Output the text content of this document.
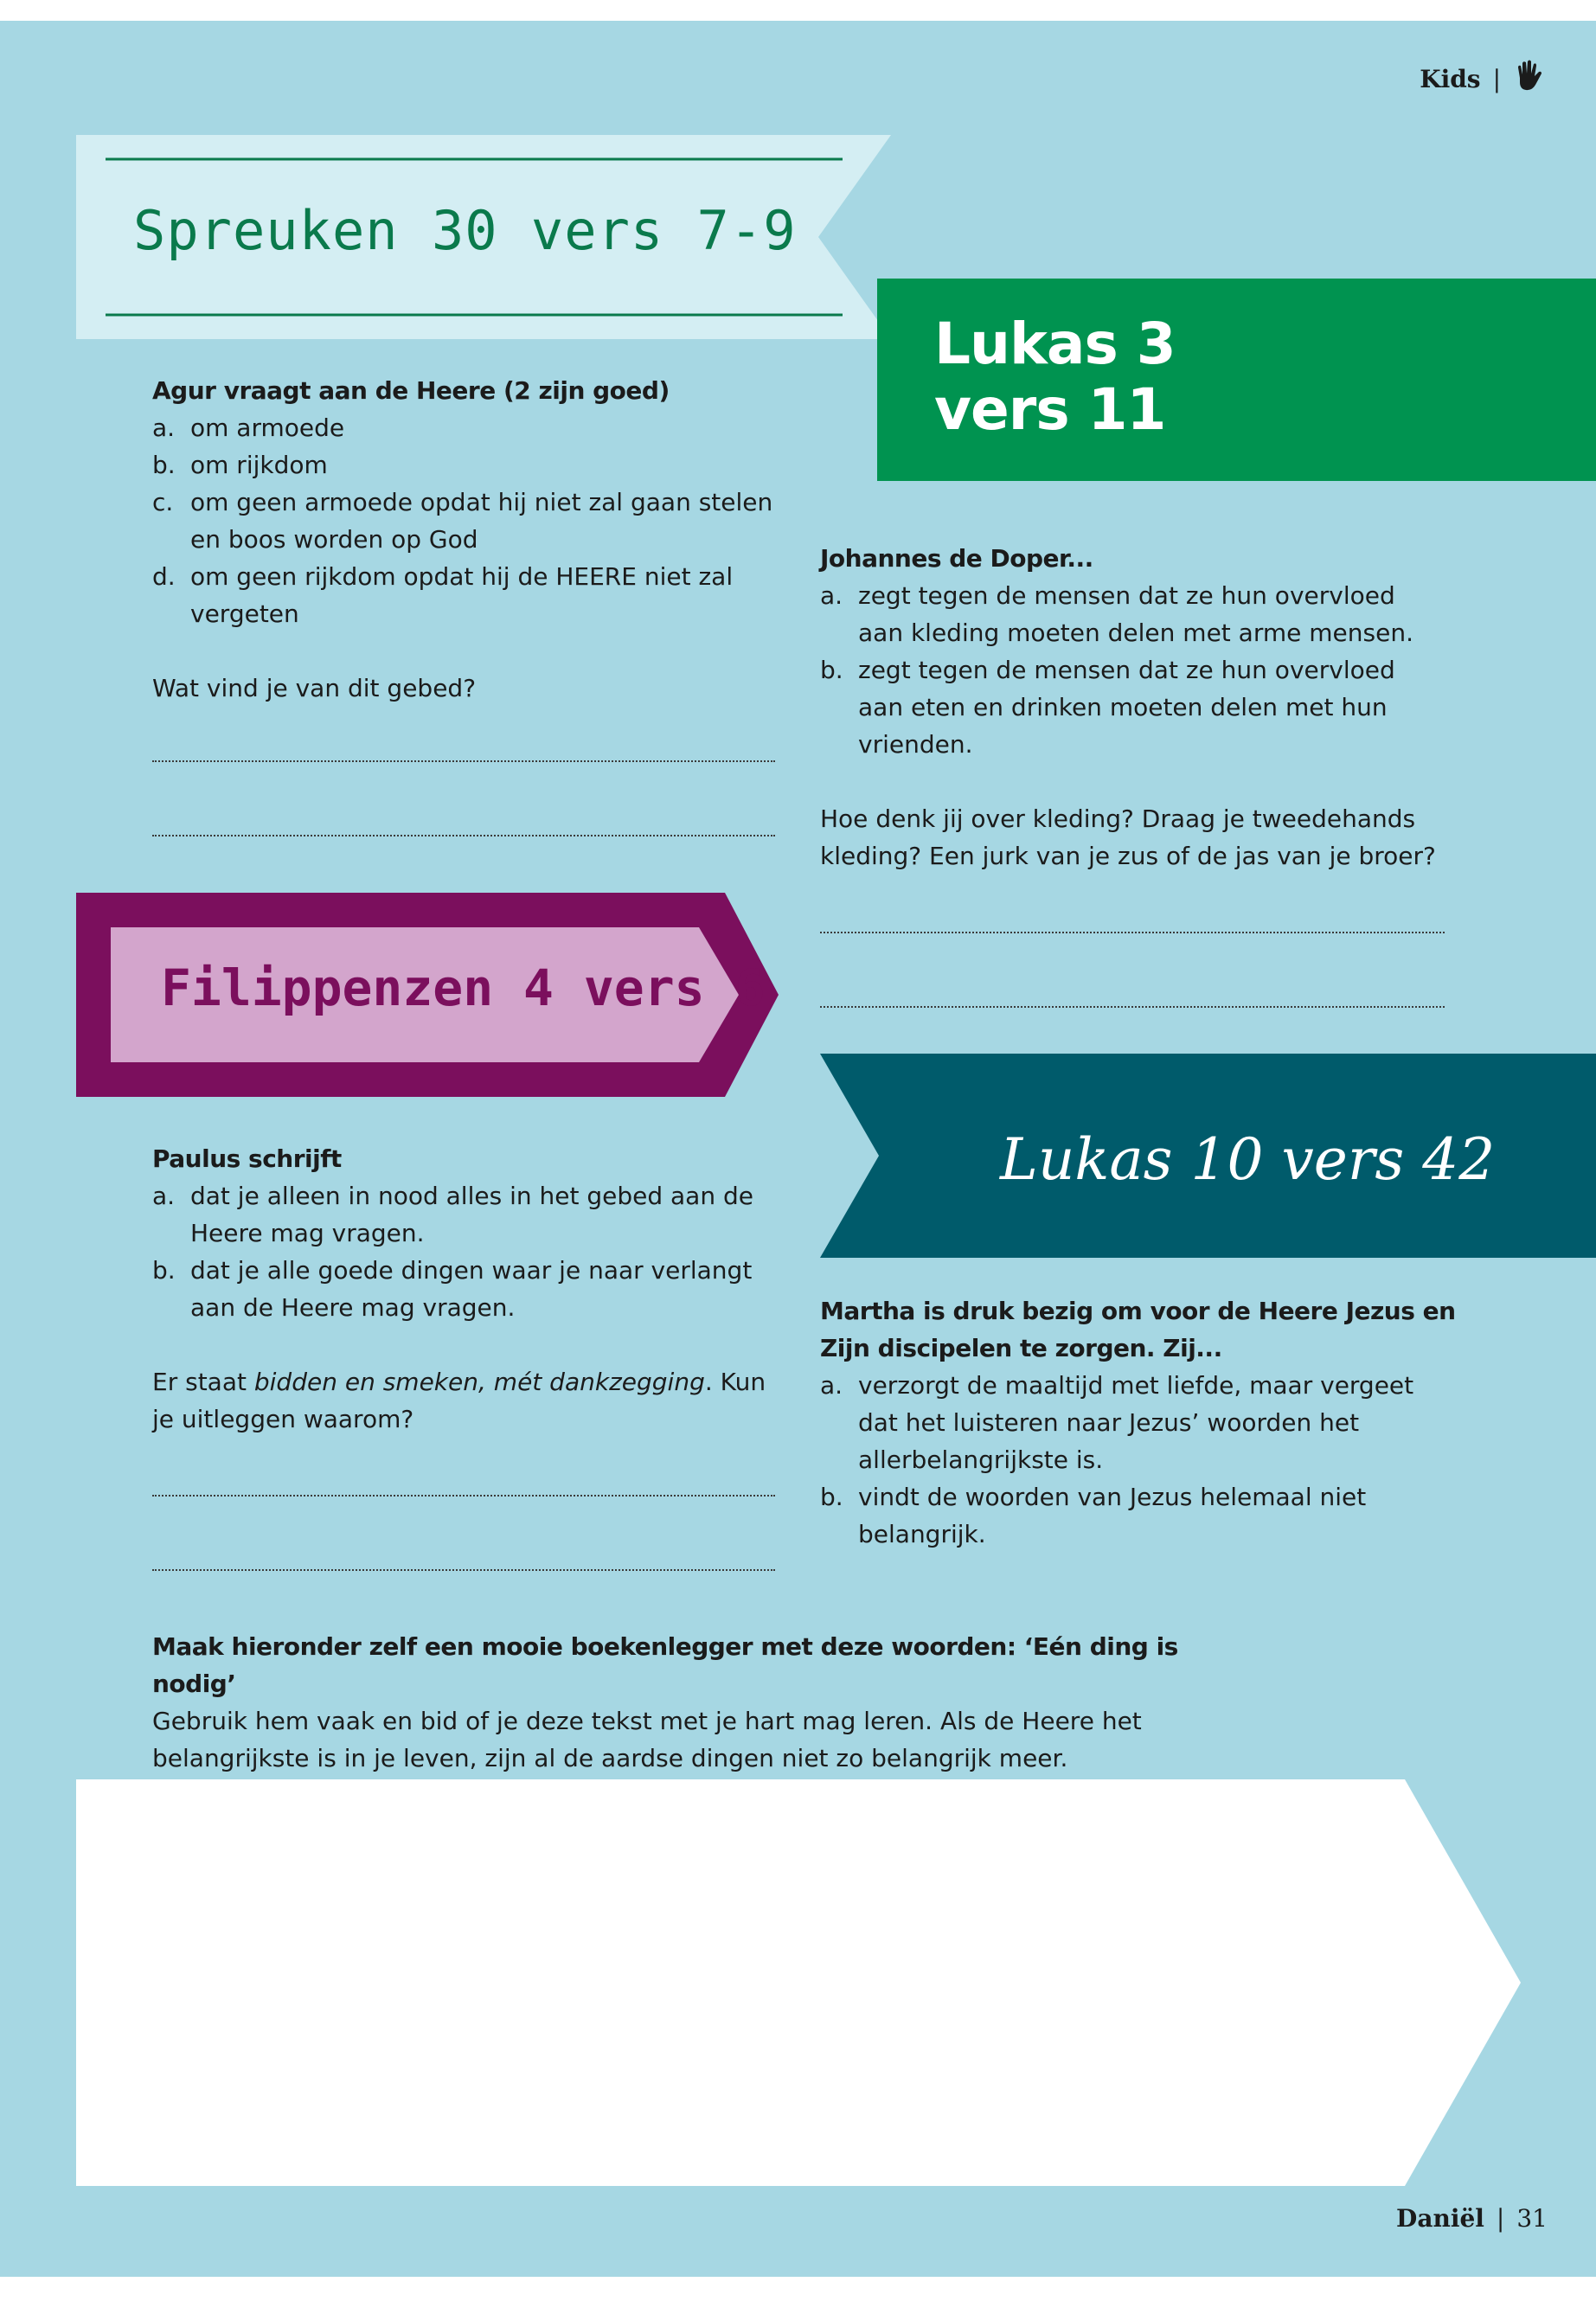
Kids |
Spreuken 30 vers 7-9
Lukas 3
vers 11
Filippenzen 4 vers 6
Lukas 10 vers 42
Agur vraagt aan de Heere (2 zijn goed)
a. om armoede
b. om rijkdom
c. om geen armoede opdat hij niet zal gaan stelen en boos worden op God
d. om geen rijkdom opdat hij de HEERE niet zal vergeten

Wat vind je van dit gebed?

Johannes de Doper...
a. zegt tegen de mensen dat ze hun overvloed aan kleding moeten delen met arme mensen.
b. zegt tegen de mensen dat ze hun overvloed aan eten en drinken moeten delen met hun vrienden.

Hoe denk jij over kleding? Draag je tweedehands kleding? Een jurk van je zus of de jas van je broer?

Paulus schrijft
a. dat je alleen in nood alles in het gebed aan de Heere mag vragen.
b. dat je alle goede dingen waar je naar verlangt aan de Heere mag vragen.

Er staat bidden en smeken, mét dankzegging. Kun je uitleggen waarom?

Martha is druk bezig om voor de Heere Jezus en Zijn discipelen te zorgen. Zij...
a. verzorgt de maaltijd met liefde, maar vergeet dat het luisteren naar Jezus’ woorden het allerbelangrijkste is.
b. vindt de woorden van Jezus helemaal niet belangrijk.
Maak hieronder zelf een mooie boekenlegger met deze woorden: ‘Eén ding is nodig’

Gebruik hem vaak en bid of je deze tekst met je hart mag leren. Als de Heere het belangrijkste is in je leven, zijn al de aardse dingen niet zo belangrijk meer.

Daniël | 31
